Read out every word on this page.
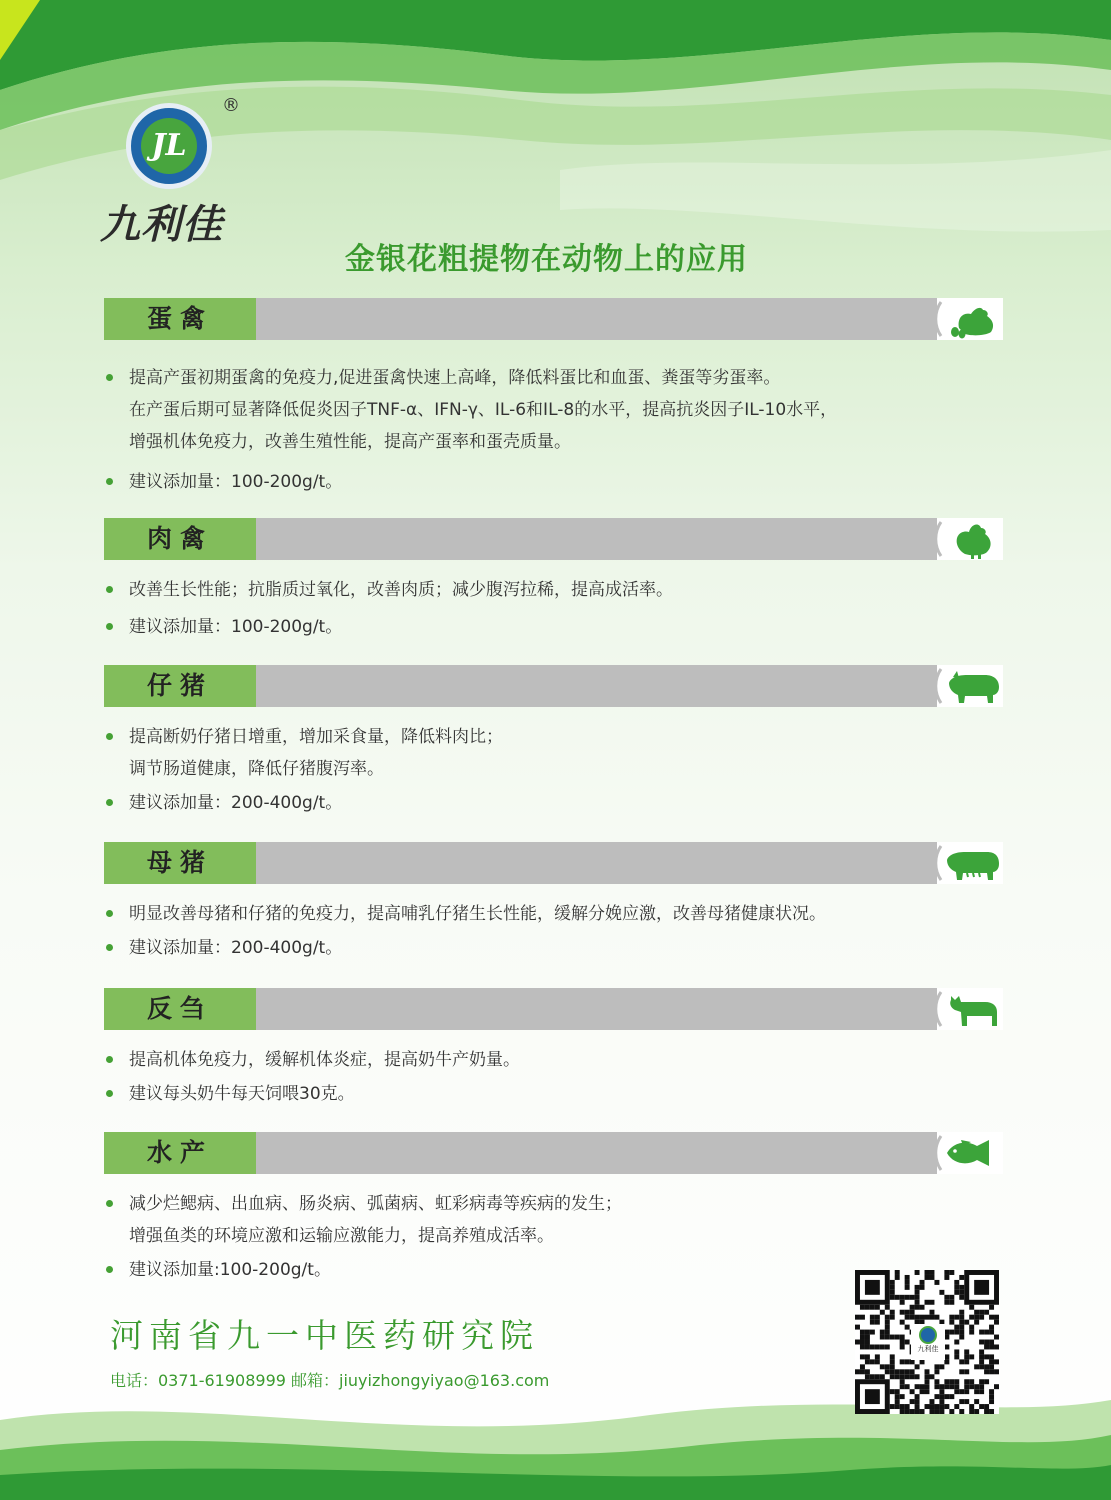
JL
®
九利佳
金银花粗提物在动物上的应用
蛋禽
提高产蛋初期蛋禽的免疫力,促进蛋禽快速上高峰，降低料蛋比和血蛋、粪蛋等劣蛋率。
在产蛋后期可显著降低促炎因子TNF-α、IFN-γ、IL-6和IL-8的水平，提高抗炎因子IL-10水平，
增强机体免疫力，改善生殖性能，提高产蛋率和蛋壳质量。
建议添加量：100-200g/t。
肉禽
改善生长性能；抗脂质过氧化，改善肉质；减少腹泻拉稀，提高成活率。
建议添加量：100-200g/t。
仔猪
提高断奶仔猪日增重，增加采食量，降低料肉比；
调节肠道健康，降低仔猪腹泻率。
建议添加量：200-400g/t。
母猪
明显改善母猪和仔猪的免疫力，提高哺乳仔猪生长性能，缓解分娩应激，改善母猪健康状况。
建议添加量：200-400g/t。
反刍
提高机体免疫力，缓解机体炎症，提高奶牛产奶量。
建议每头奶牛每天饲喂30克。
水产
减少烂鳃病、出血病、肠炎病、弧菌病、虹彩病毒等疾病的发生；
增强鱼类的环境应激和运输应激能力，提高养殖成活率。
建议添加量:100-200g/t。
河南省九一中医药研究院
电话：0371-61908999 邮箱：jiuyizhongyiyao@163.com
九利佳
